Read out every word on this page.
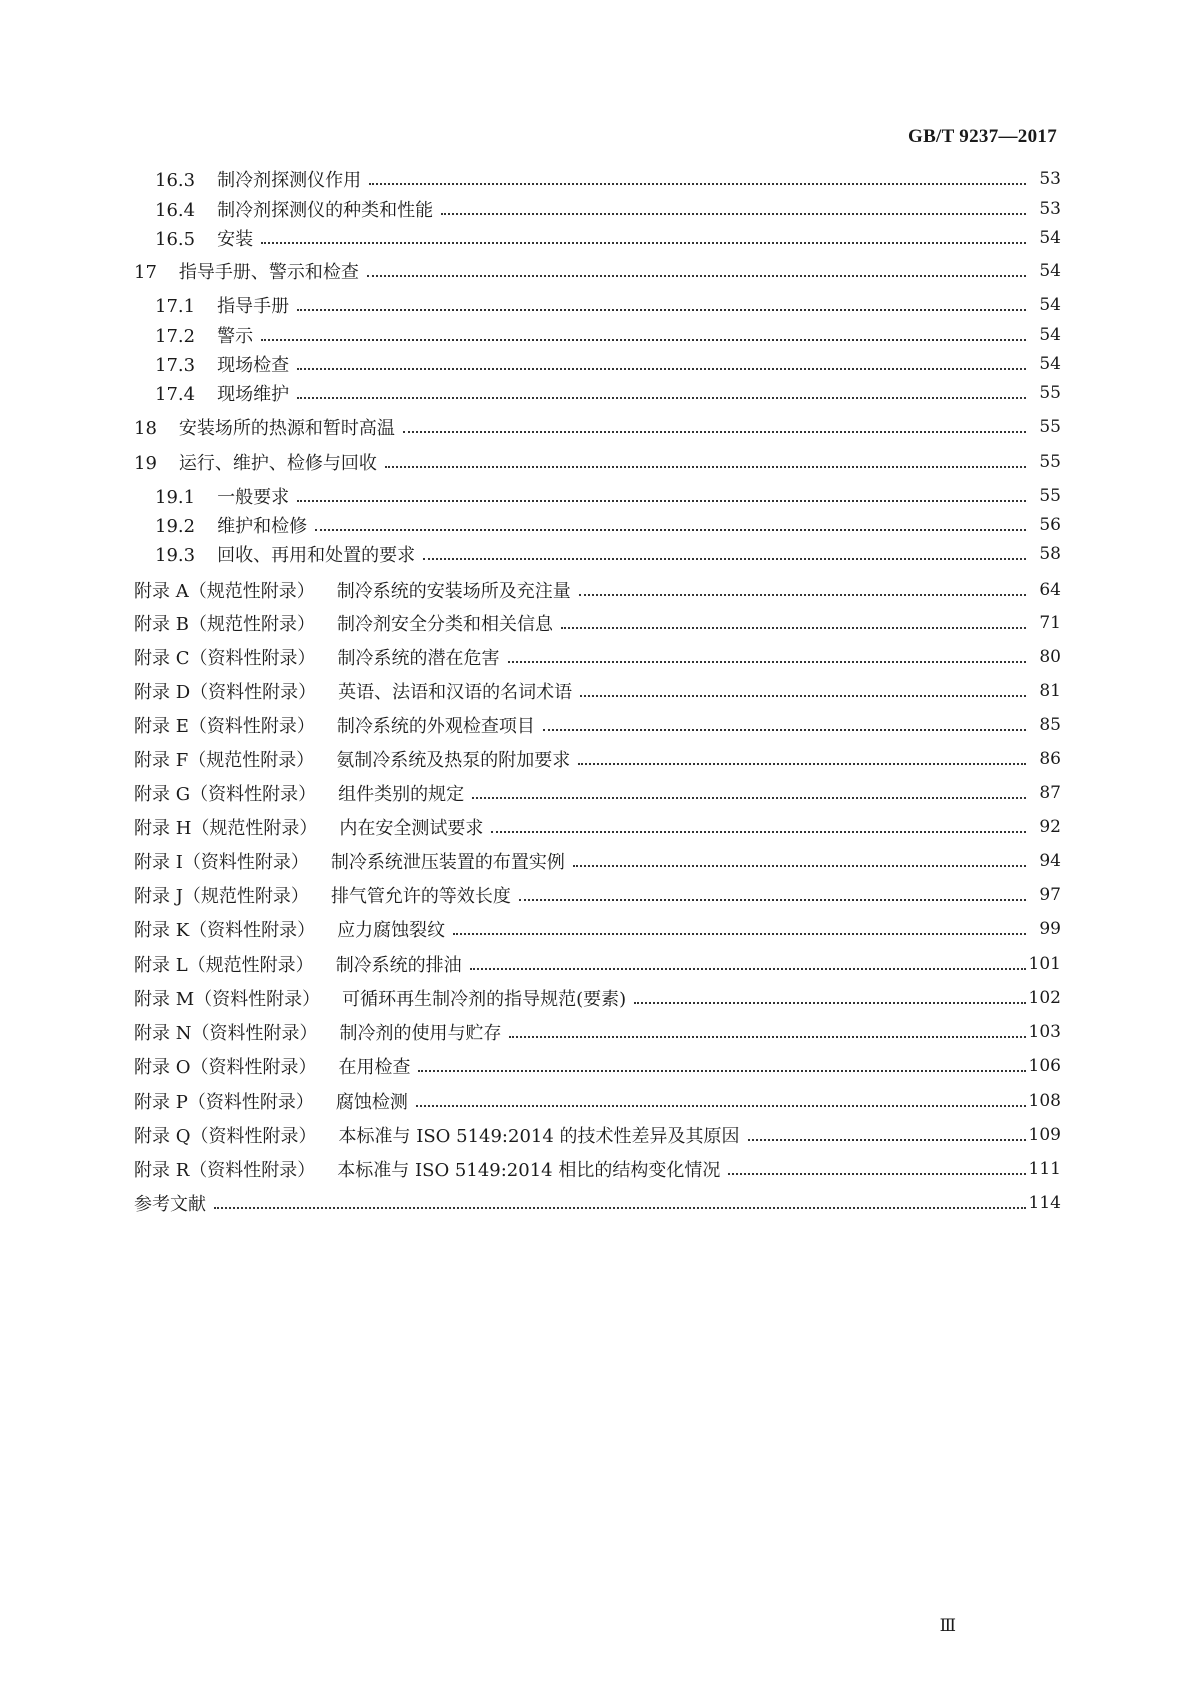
GB/T 9237—2017
16.3 制冷剂探测仪作用	53
16.4 制冷剂探测仪的种类和性能	53
16.5 安装	54
17 指导手册、警示和检查	54
17.1 指导手册	54
17.2 警示	54
17.3 现场检查	54
17.4 现场维护	55
18 安装场所的热源和暂时高温	55
19 运行、维护、检修与回收	55
19.1 一般要求	55
19.2 维护和检修	56
19.3 回收、再用和处置的要求	58
附录 A（规范性附录） 制冷系统的安装场所及充注量	64
附录 B（规范性附录） 制冷剂安全分类和相关信息	71
附录 C（资料性附录） 制冷系统的潜在危害	80
附录 D（资料性附录） 英语、法语和汉语的名词术语	81
附录 E（资料性附录） 制冷系统的外观检查项目	85
附录 F（规范性附录） 氨制冷系统及热泵的附加要求	86
附录 G（资料性附录） 组件类别的规定	87
附录 H（规范性附录） 内在安全测试要求	92
附录 I（资料性附录） 制冷系统泄压装置的布置实例	94
附录 J（规范性附录） 排气管允许的等效长度	97
附录 K（资料性附录） 应力腐蚀裂纹	99
附录 L（规范性附录） 制冷系统的排油	101
附录 M（资料性附录） 可循环再生制冷剂的指导规范(要素)	102
附录 N（资料性附录） 制冷剂的使用与贮存	103
附录 O（资料性附录） 在用检查	106
附录 P（资料性附录） 腐蚀检测	108
附录 Q（资料性附录） 本标准与 ISO 5149:2014 的技术性差异及其原因	109
附录 R（资料性附录） 本标准与 ISO 5149:2014 相比的结构变化情况	111
参考文献	114
Ⅲ
